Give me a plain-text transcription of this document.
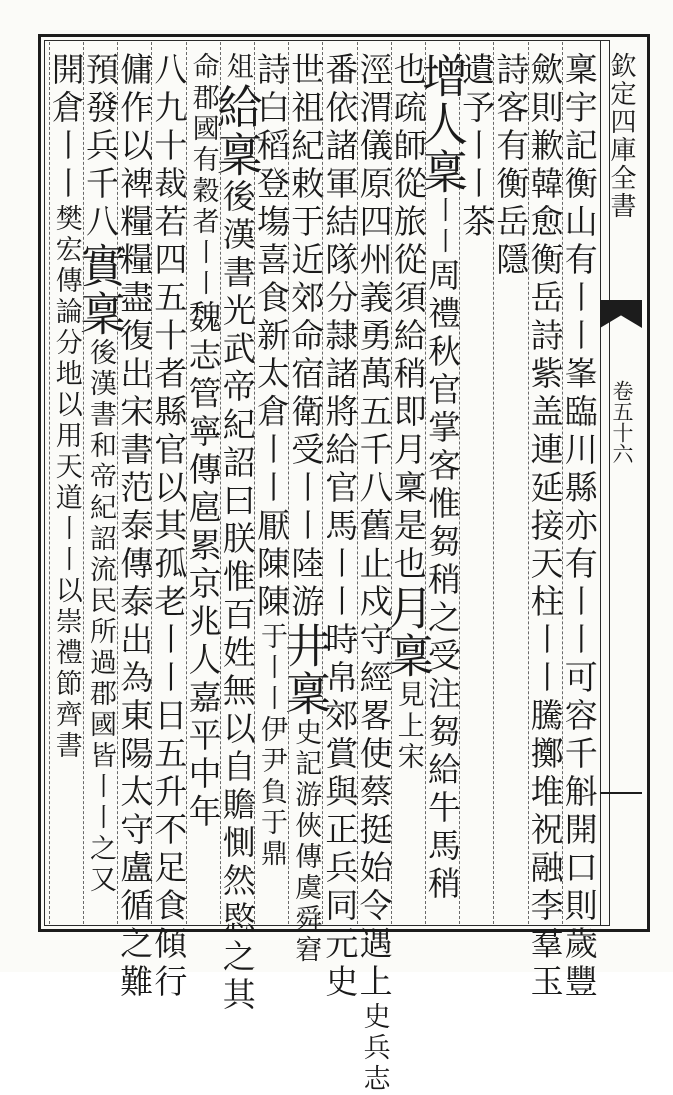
欽定四庫全書
卷五十六
稟宇記衡山有〡〡峯臨川縣亦有〡〡可容千斛開口則歲豐
歛則歉韓愈衡岳詩紫盖連延接天柱〡〡騰擲堆祝融李羣玉
詩客有衡岳隱
遺予〡〡茶
增人稟〡〡周禮秋官掌客惟芻稍之受注芻給牛馬稍
也疏師從旅從須給稍即月稟是也月稟見上宋
涇渭儀原四州義勇萬五千八舊止戍守經畧使蔡挺始令遇上史兵志
番依諸軍結隊分隷諸將給官馬〡〡時帛郊賞與正兵同元史
世祖紀敕于近郊命宿衛受〡〡陸游井稟史記游俠傳虞舜窘
詩白稻登塲喜食新太倉〡〡厭陳陳于〡〡伊尹負于鼎
俎給稟後漢書光武帝紀詔曰朕惟百姓無以自贍惻然愍之其
命郡國有穀者〡〡魏志管寧傳扈累京兆人嘉平中年
八九十裁若四五十者縣官以其孤老〡〡日五升不足食傾行
傭作以裨糧糧盡復出宋書范泰傳泰出為東陽太守盧循之難
預發兵千八實稟後漢書和帝紀詔流民所過郡國皆〡〡之又
開倉〡〡樊宏傳論分地以用天道〡〡以崇禮節齊書
